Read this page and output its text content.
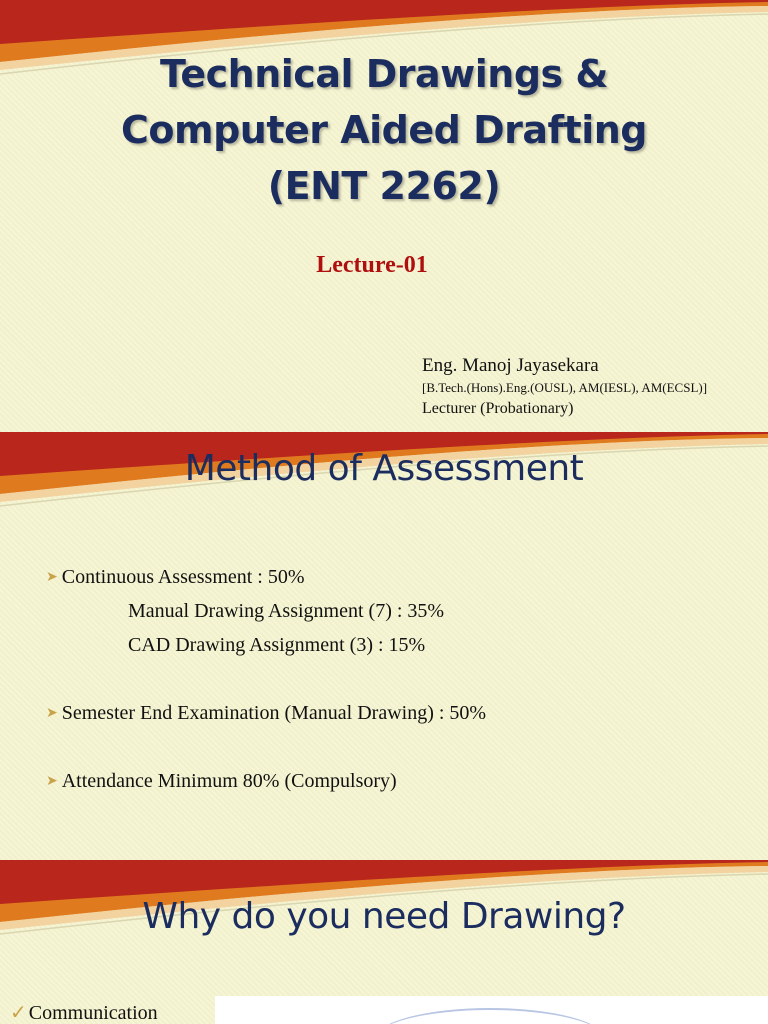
Technical Drawings &
Computer Aided Drafting
(ENT 2262)
Lecture-01
Eng. Manoj Jayasekara
[B.Tech.(Hons).Eng.(OUSL), AM(IESL), AM(ECSL)]
Lecturer (Probationary)
Method of Assessment
➤ Continuous Assessment : 50%
Manual Drawing Assignment (7) : 35%
CAD Drawing Assignment (3) : 15%
➤ Semester End Examination (Manual Drawing) : 50%
➤ Attendance Minimum 80% (Compulsory)
Why do you need Drawing?
✓ Communication
